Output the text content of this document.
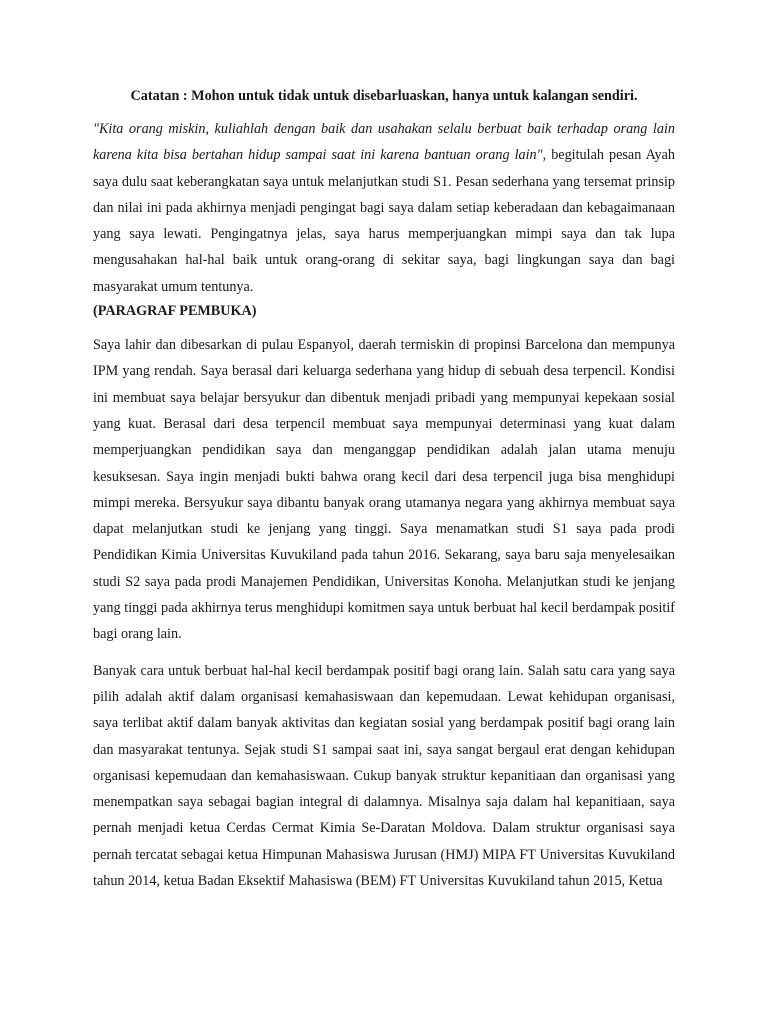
Catatan : Mohon untuk tidak untuk disebarluaskan, hanya untuk kalangan sendiri.

"Kita orang miskin, kuliahlah dengan baik dan usahakan selalu berbuat baik terhadap orang lain karena kita bisa bertahan hidup sampai saat ini karena bantuan orang lain", begitulah pesan Ayah saya dulu saat keberangkatan saya untuk melanjutkan studi S1. Pesan sederhana yang tersemat prinsip dan nilai ini pada akhirnya menjadi pengingat bagi saya dalam setiap keberadaan dan kebagaimanaan yang saya lewati. Pengingatnya jelas, saya harus memperjuangkan mimpi saya dan tak lupa mengusahakan hal-hal baik untuk orang-orang di sekitar saya, bagi lingkungan saya dan bagi masyarakat umum tentunya.
(PARAGRAF PEMBUKA)

Saya lahir dan dibesarkan di pulau Espanyol, daerah termiskin di propinsi Barcelona dan mempunya IPM yang rendah. Saya berasal dari keluarga sederhana yang hidup di sebuah desa terpencil. Kondisi ini membuat saya belajar bersyukur dan dibentuk menjadi pribadi yang mempunyai kepekaan sosial yang kuat. Berasal dari desa terpencil membuat saya mempunyai determinasi yang kuat dalam memperjuangkan pendidikan saya dan menganggap pendidikan adalah jalan utama menuju kesuksesan. Saya ingin menjadi bukti bahwa orang kecil dari desa terpencil juga bisa menghidupi mimpi mereka. Bersyukur saya dibantu banyak orang utamanya negara yang akhirnya membuat saya dapat melanjutkan studi ke jenjang yang tinggi. Saya menamatkan studi S1 saya pada prodi Pendidikan Kimia Universitas Kuvukiland pada tahun 2016. Sekarang, saya baru saja menyelesaikan studi S2 saya pada prodi Manajemen Pendidikan, Universitas Konoha. Melanjutkan studi ke jenjang yang tinggi pada akhirnya terus menghidupi komitmen saya untuk berbuat hal kecil berdampak positif bagi orang lain.

Banyak cara untuk berbuat hal-hal kecil berdampak positif bagi orang lain. Salah satu cara yang saya pilih adalah aktif dalam organisasi kemahasiswaan dan kepemudaan. Lewat kehidupan organisasi, saya terlibat aktif dalam banyak aktivitas dan kegiatan sosial yang berdampak positif bagi orang lain dan masyarakat tentunya. Sejak studi S1 sampai saat ini, saya sangat bergaul erat dengan kehidupan organisasi kepemudaan dan kemahasiswaan. Cukup banyak struktur kepanitiaan dan organisasi yang menempatkan saya sebagai bagian integral di dalamnya. Misalnya saja dalam hal kepanitiaan, saya pernah menjadi ketua Cerdas Cermat Kimia Se-Daratan Moldova. Dalam struktur organisasi saya pernah tercatat sebagai ketua Himpunan Mahasiswa Jurusan (HMJ) MIPA FT Universitas Kuvukiland tahun 2014, ketua Badan Eksektif Mahasiswa (BEM) FT Universitas Kuvukiland tahun 2015, Ketua
